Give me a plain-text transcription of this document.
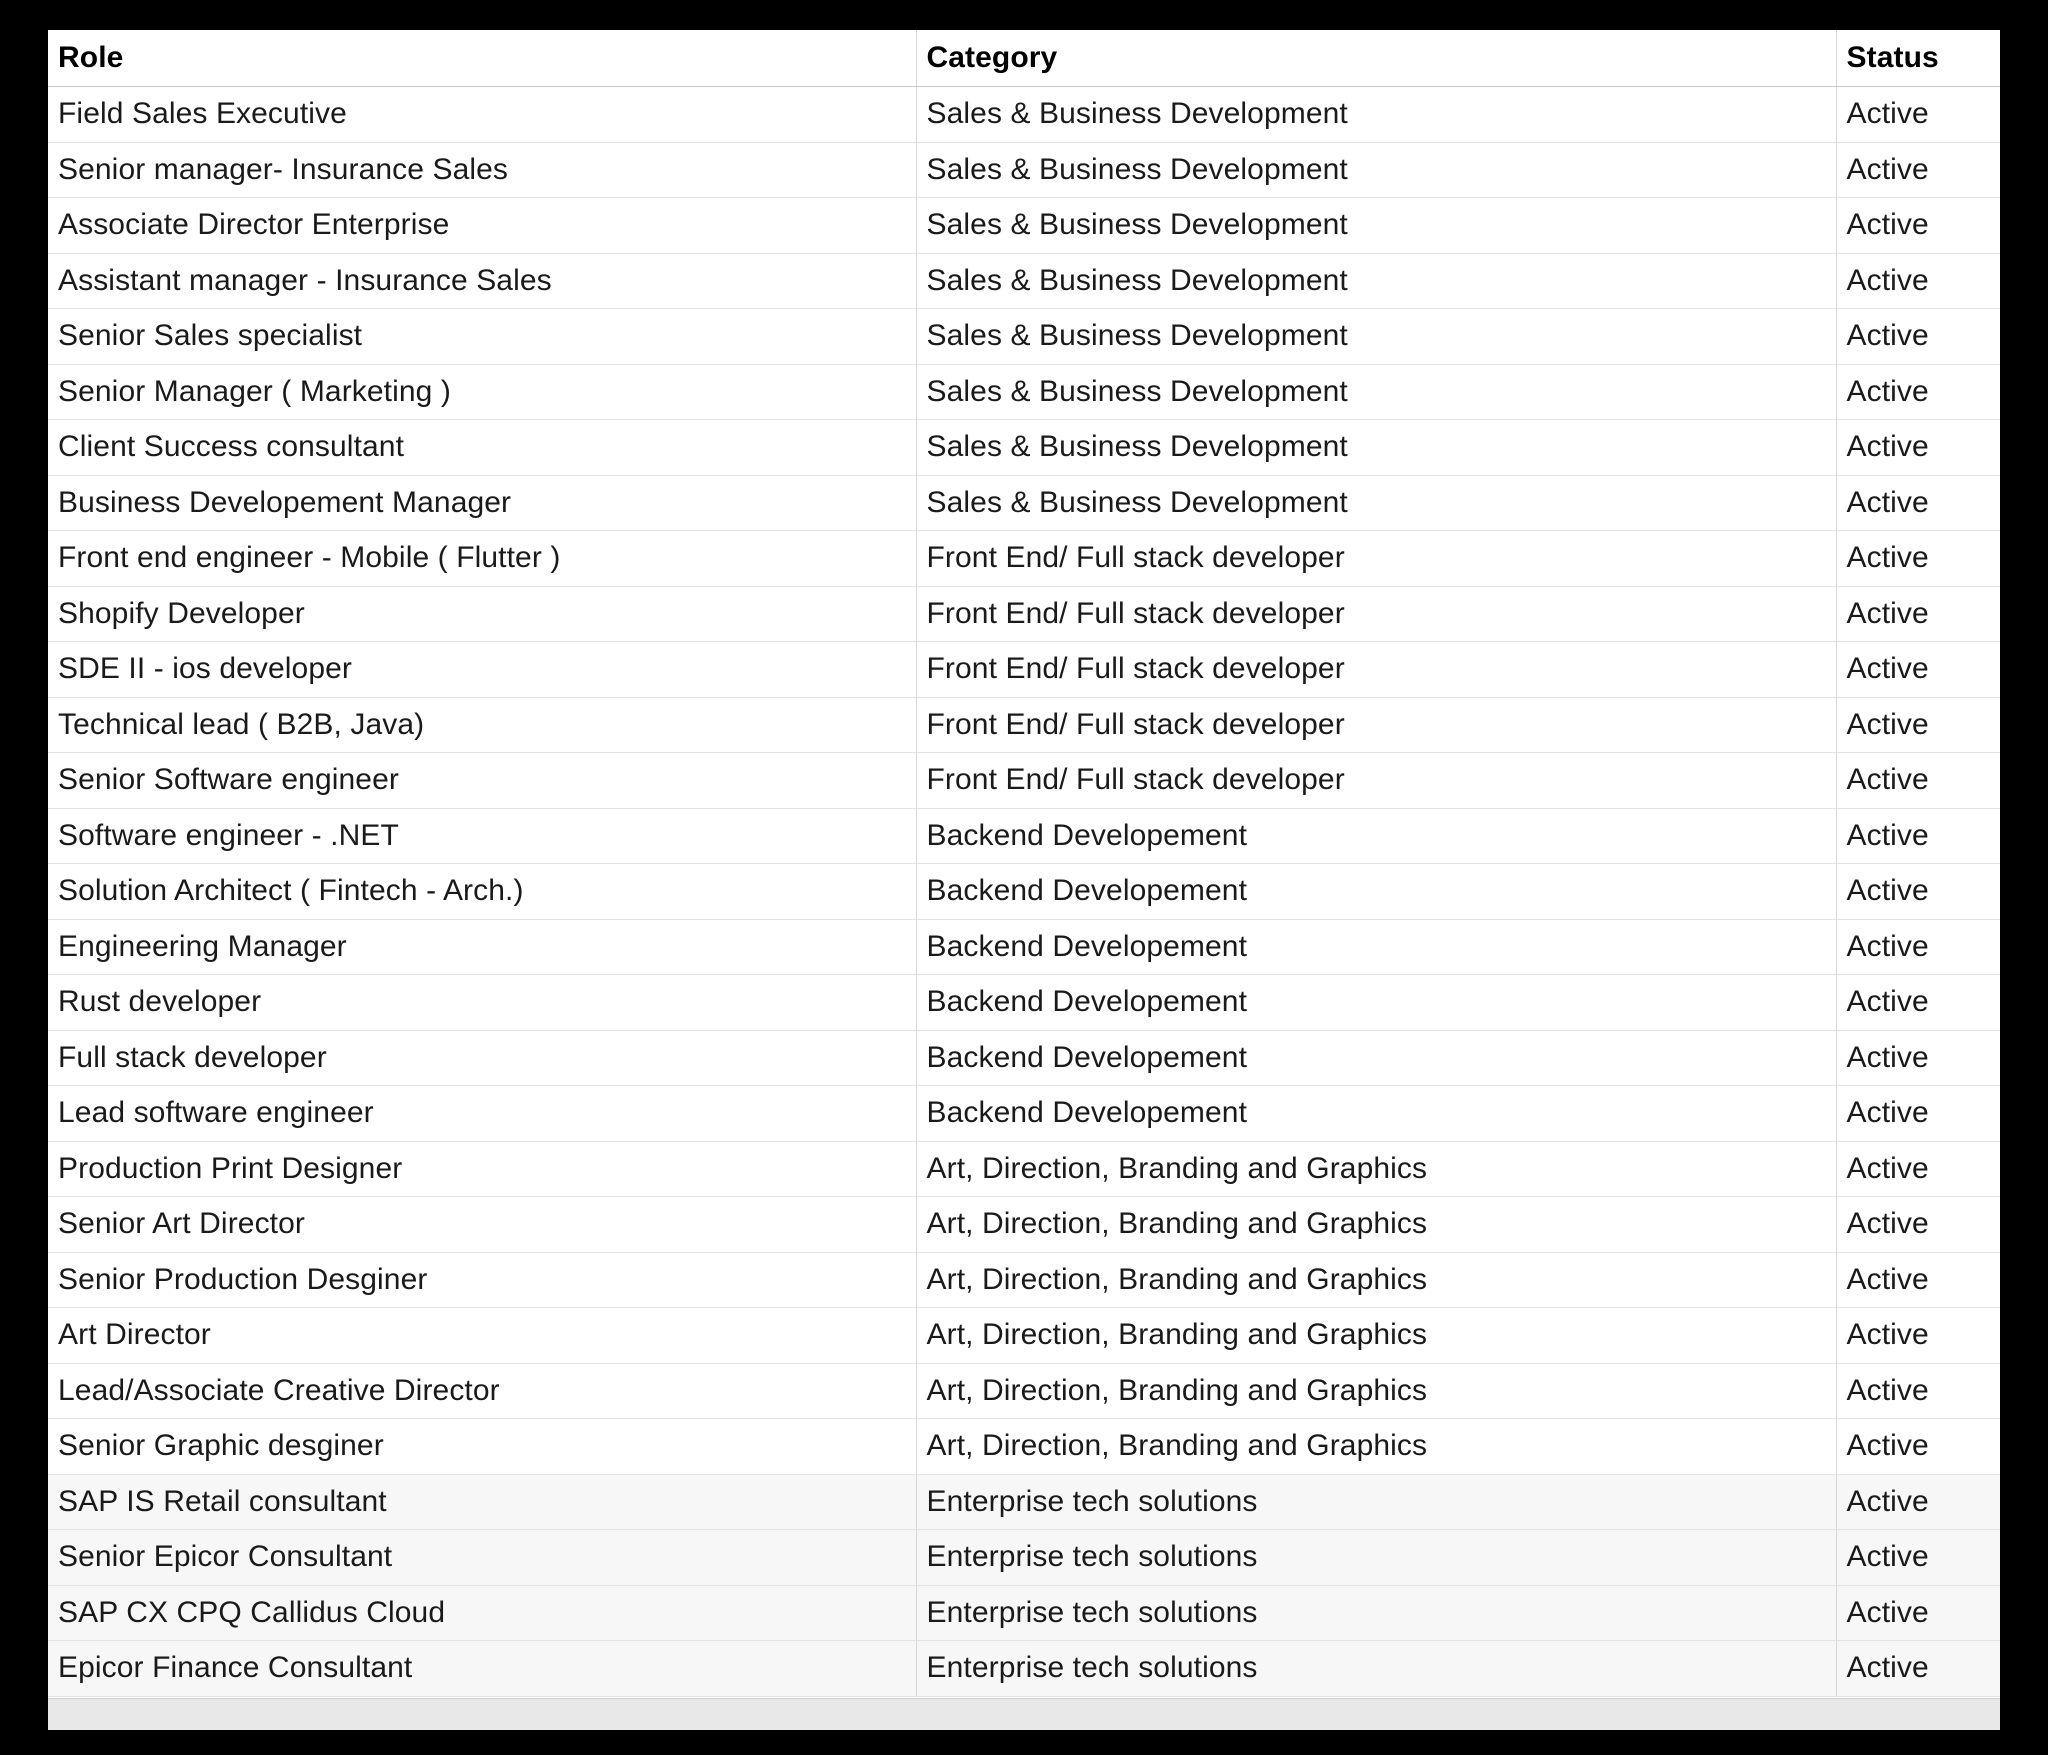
Role	Category	Status
Field Sales Executive	Sales & Business Development	Active
Senior manager- Insurance Sales	Sales & Business Development	Active
Associate Director Enterprise	Sales & Business Development	Active
Assistant manager - Insurance Sales	Sales & Business Development	Active
Senior Sales specialist	Sales & Business Development	Active
Senior Manager ( Marketing )	Sales & Business Development	Active
Client Success consultant	Sales & Business Development	Active
Business Developement Manager	Sales & Business Development	Active
Front end engineer - Mobile ( Flutter )	Front End/ Full stack developer	Active
Shopify Developer	Front End/ Full stack developer	Active
SDE II - ios developer	Front End/ Full stack developer	Active
Technical lead ( B2B, Java)	Front End/ Full stack developer	Active
Senior Software engineer	Front End/ Full stack developer	Active
Software engineer - .NET	Backend Developement	Active
Solution Architect ( Fintech - Arch.)	Backend Developement	Active
Engineering Manager	Backend Developement	Active
Rust developer	Backend Developement	Active
Full stack developer	Backend Developement	Active
Lead software engineer	Backend Developement	Active
Production Print Designer	Art, Direction, Branding and Graphics	Active
Senior Art Director	Art, Direction, Branding and Graphics	Active
Senior Production Desginer	Art, Direction, Branding and Graphics	Active
Art Director	Art, Direction, Branding and Graphics	Active
Lead/Associate Creative Director	Art, Direction, Branding and Graphics	Active
Senior Graphic desginer	Art, Direction, Branding and Graphics	Active
SAP IS Retail consultant	Enterprise tech solutions	Active
Senior Epicor Consultant	Enterprise tech solutions	Active
SAP CX CPQ Callidus Cloud	Enterprise tech solutions	Active
Epicor Finance Consultant	Enterprise tech solutions	Active
